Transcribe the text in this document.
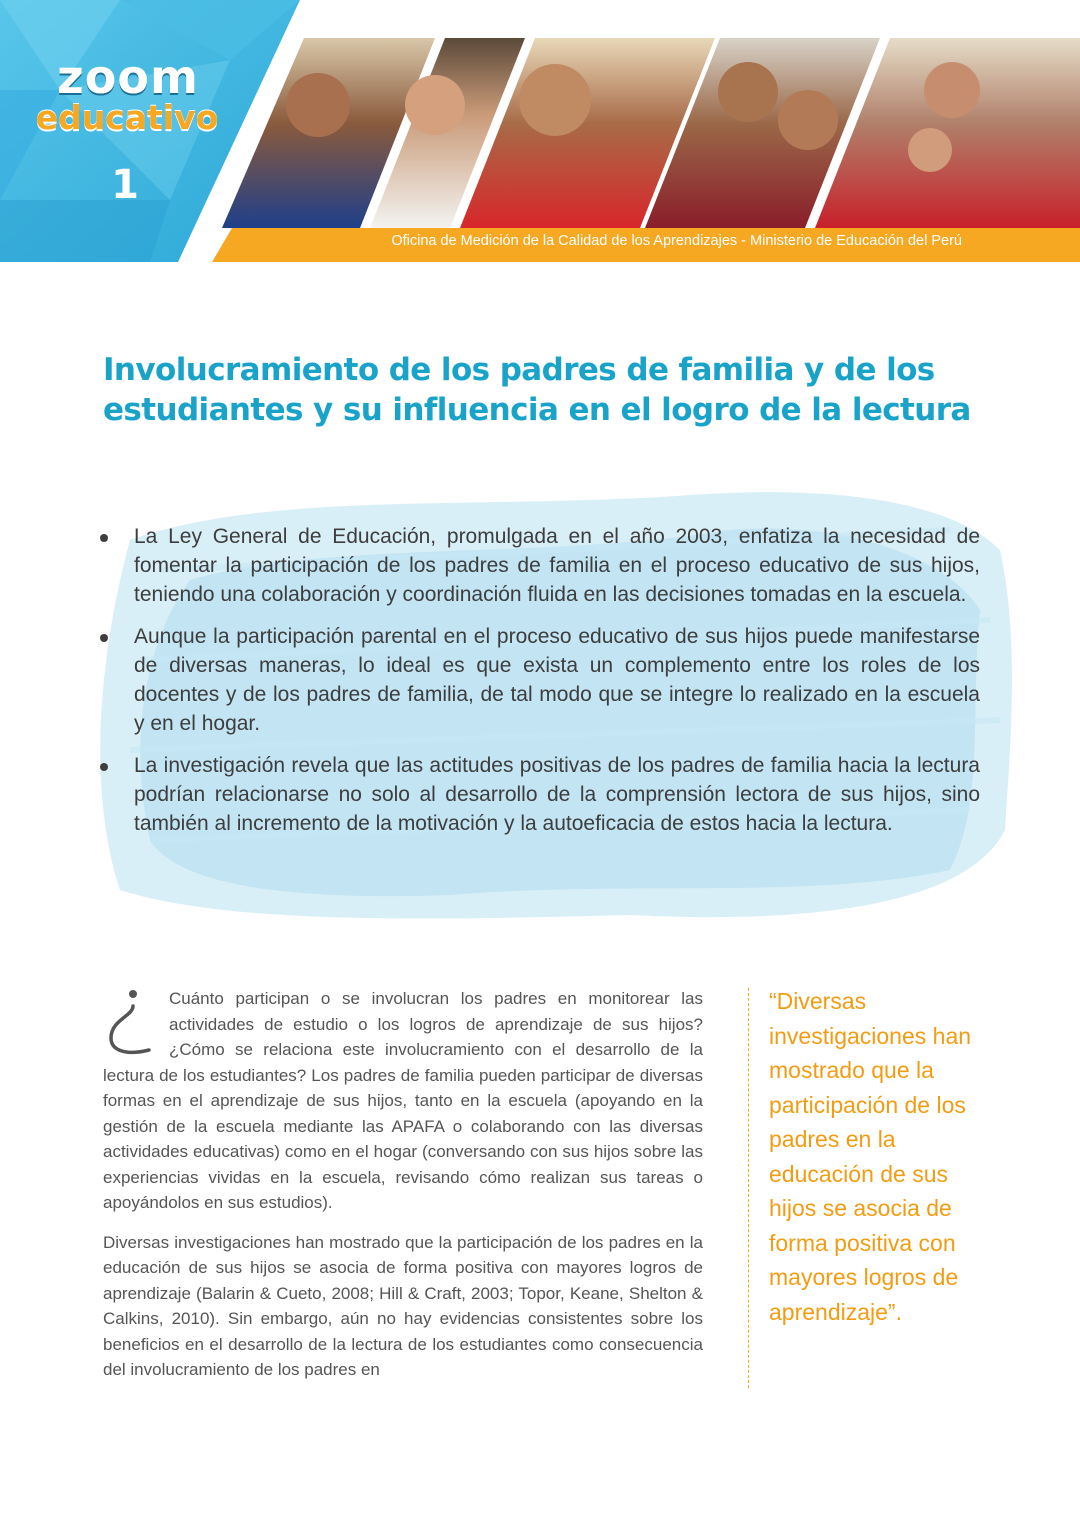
zoom
educativo
1
Oficina de Medición de la Calidad de los Aprendizajes - Ministerio de Educación del Perú
Involucramiento de los padres de familia y de los estudiantes y su influencia en el logro de la lectura
La Ley General de Educación, promulgada en el año 2003, enfatiza la necesidad de fomentar la participación de los padres de familia en el proceso educativo de sus hijos, teniendo una colaboración y coordinación fluida en las decisiones tomadas en la escuela.
Aunque la participación parental en el proceso educativo de sus hijos puede manifestarse de diversas maneras, lo ideal es que exista un complemento entre los roles de los docentes y de los padres de familia, de tal modo que se integre lo realizado en la escuela y en el hogar.
La investigación revela que las actitudes positivas de los padres de familia hacia la lectura podrían relacionarse no solo al desarrollo de la comprensión lectora de sus hijos, sino también al incremento de la motivación y la autoeficacia de estos hacia la lectura.

Cuánto participan o se involucran los padres en monitorear las actividades de estudio o los logros de aprendizaje de sus hijos? ¿Cómo se relaciona este involucramiento con el desarrollo de la lectura de los estudiantes? Los padres de familia pueden participar de diversas formas en el aprendizaje de sus hijos, tanto en la escuela (apoyando en la gestión de la escuela mediante las APAFA o colaborando con las diversas actividades educativas) como en el hogar (conversando con sus hijos sobre las experiencias vividas en la escuela, revisando cómo realizan sus tareas o apoyándolos en sus estudios).

Diversas investigaciones han mostrado que la participación de los padres en la educación de sus hijos se asocia de forma positiva con mayores logros de aprendizaje (Balarin & Cueto, 2008; Hill & Craft, 2003; Topor, Keane, Shelton & Calkins, 2010). Sin embargo, aún no hay evidencias consistentes sobre los beneficios en el desarrollo de la lectura de los estudiantes como consecuencia del involucramiento de los padres en

“Diversas investigaciones han mostrado que la participación de los padres en la educación de sus hijos se asocia de forma positiva con mayores logros de aprendizaje”.
